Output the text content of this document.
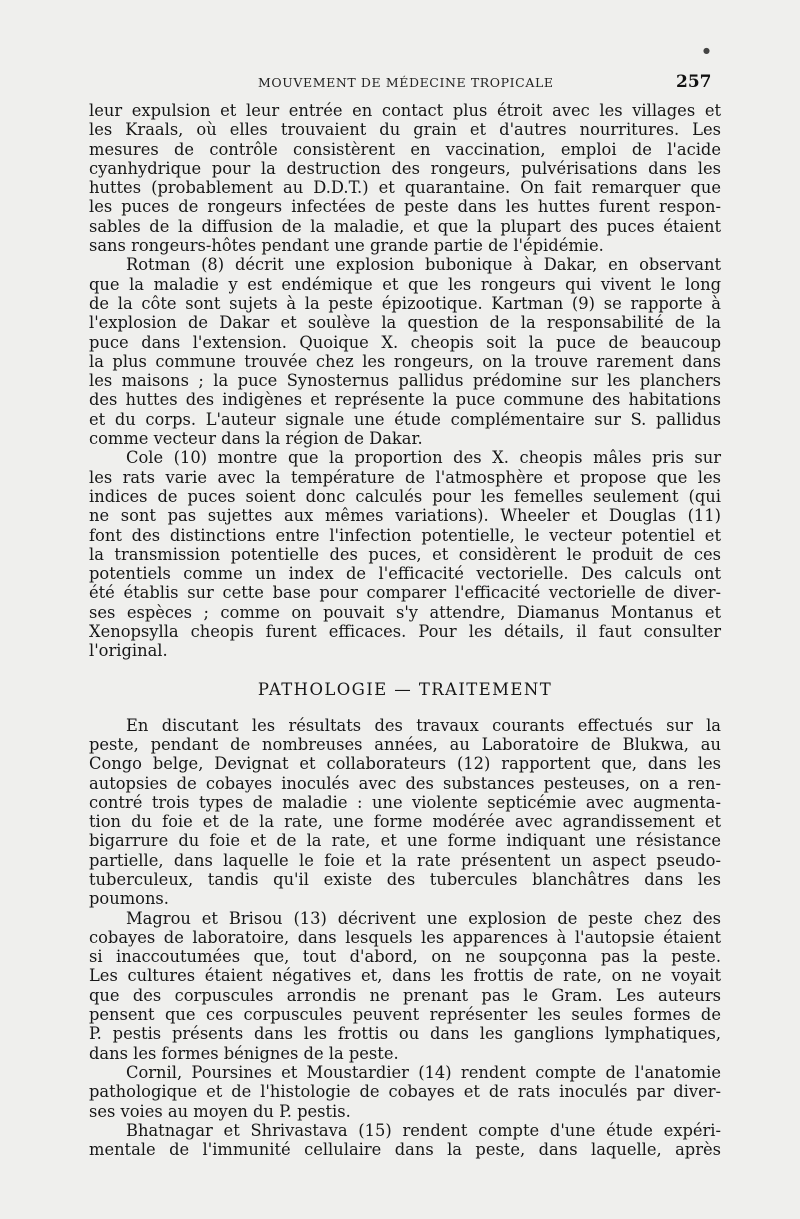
●
MOUVEMENT DE MÉDECINE TROPICALE	257
leur expulsion et leur entrée en contact plus étroit avec les villages et
les Kraals, où elles trouvaient du grain et d'autres nourritures. Les
mesures de contrôle consistèrent en vaccination, emploi de l'acide
cyanhydrique pour la destruction des rongeurs, pulvérisations dans les
huttes (probablement au D.D.T.) et quarantaine. On fait remarquer que
les puces de rongeurs infectées de peste dans les huttes furent respon-
sables de la diffusion de la maladie, et que la plupart des puces étaient
sans rongeurs-hôtes pendant une grande partie de l'épidémie.
Rotman (8) décrit une explosion bubonique à Dakar, en observant
que la maladie y est endémique et que les rongeurs qui vivent le long
de la côte sont sujets à la peste épizootique. Kartman (9) se rapporte à
l'explosion de Dakar et soulève la question de la responsabilité de la
puce dans l'extension. Quoique X. cheopis soit la puce de beaucoup
la plus commune trouvée chez les rongeurs, on la trouve rarement dans
les maisons ; la puce Synosternus pallidus prédomine sur les planchers
des huttes des indigènes et représente la puce commune des habitations
et du corps. L'auteur signale une étude complémentaire sur S. pallidus
comme vecteur dans la région de Dakar.
Cole (10) montre que la proportion des X. cheopis mâles pris sur
les rats varie avec la température de l'atmosphère et propose que les
indices de puces soient donc calculés pour les femelles seulement (qui
ne sont pas sujettes aux mêmes variations). Wheeler et Douglas (11)
font des distinctions entre l'infection potentielle, le vecteur potentiel et
la transmission potentielle des puces, et considèrent le produit de ces
potentiels comme un index de l'efficacité vectorielle. Des calculs ont
été établis sur cette base pour comparer l'efficacité vectorielle de diver-
ses espèces ; comme on pouvait s'y attendre, Diamanus Montanus et
Xenopsylla cheopis furent efficaces. Pour les détails, il faut consulter
l'original.
PATHOLOGIE — TRAITEMENT
En discutant les résultats des travaux courants effectués sur la
peste, pendant de nombreuses années, au Laboratoire de Blukwa, au
Congo belge, Devignat et collaborateurs (12) rapportent que, dans les
autopsies de cobayes inoculés avec des substances pesteuses, on a ren-
contré trois types de maladie : une violente septicémie avec augmenta-
tion du foie et de la rate, une forme modérée avec agrandissement et
bigarrure du foie et de la rate, et une forme indiquant une résistance
partielle, dans laquelle le foie et la rate présentent un aspect pseudo-
tuberculeux, tandis qu'il existe des tubercules blanchâtres dans les
poumons.
Magrou et Brisou (13) décrivent une explosion de peste chez des
cobayes de laboratoire, dans lesquels les apparences à l'autopsie étaient
si inaccoutumées que, tout d'abord, on ne soupçonna pas la peste.
Les cultures étaient négatives et, dans les frottis de rate, on ne voyait
que des corpuscules arrondis ne prenant pas le Gram. Les auteurs
pensent que ces corpuscules peuvent représenter les seules formes de
P. pestis présents dans les frottis ou dans les ganglions lymphatiques,
dans les formes bénignes de la peste.
Cornil, Poursines et Moustardier (14) rendent compte de l'anatomie
pathologique et de l'histologie de cobayes et de rats inoculés par diver-
ses voies au moyen du P. pestis.
Bhatnagar et Shrivastava (15) rendent compte d'une étude expéri-
mentale de l'immunité cellulaire dans la peste, dans laquelle, après
